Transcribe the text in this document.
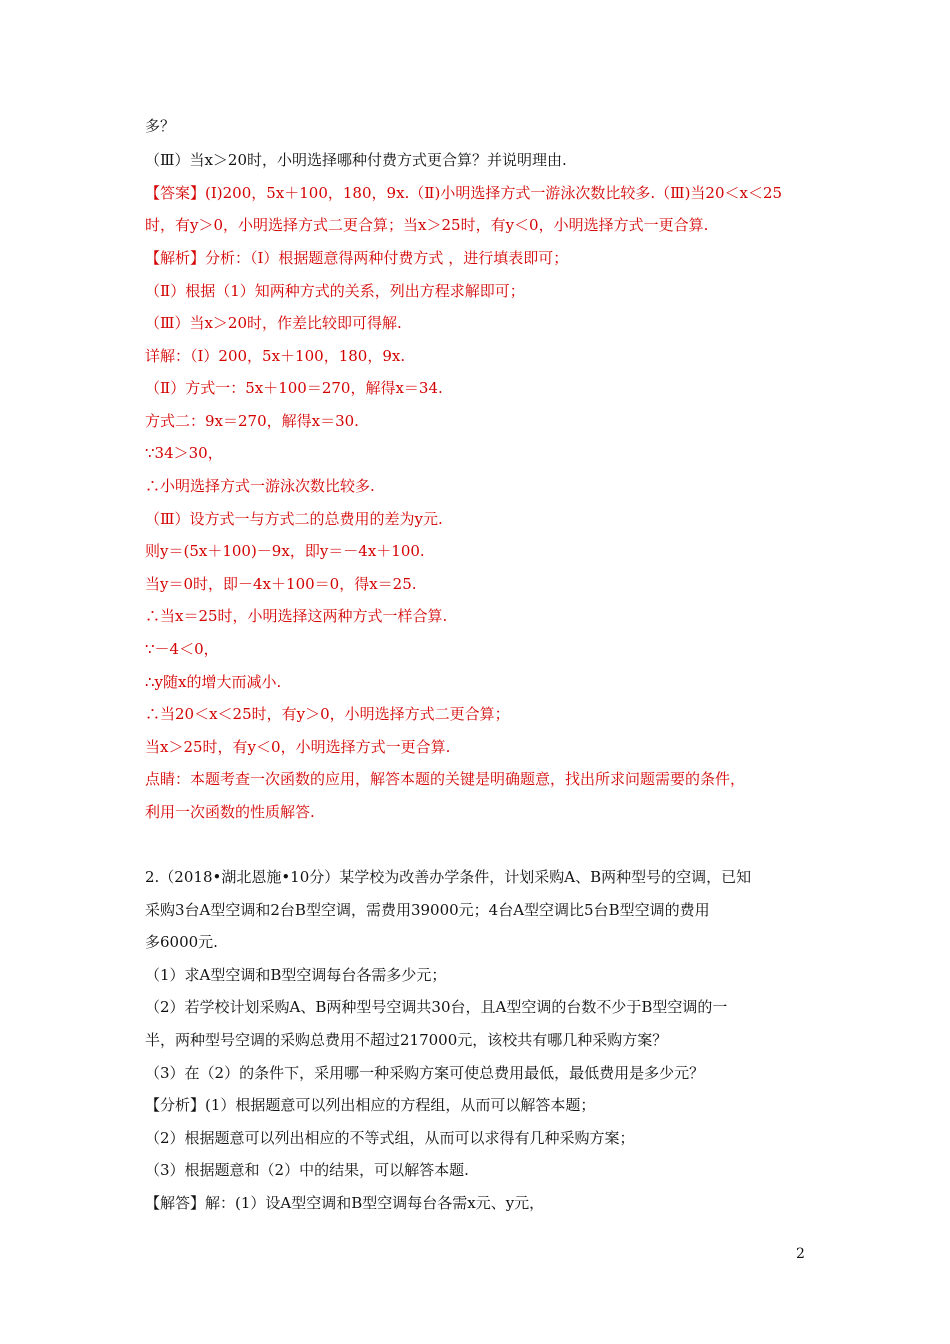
多？
（Ⅲ）当x＞20时，小明选择哪种付费方式更合算？并说明理由.
【答案】(Ⅰ)200，5x＋100，180，9x.（Ⅱ)小明选择方式一游泳次数比较多.（Ⅲ)当20＜x＜25
时，有y＞0，小明选择方式二更合算；当x＞25时，有y＜0，小明选择方式一更合算.
【解析】分析：（Ⅰ）根据题意得两种付费方式 ，进行填表即可；
（Ⅱ）根据（1）知两种方式的关系，列出方程求解即可；
（Ⅲ）当x＞20时，作差比较即可得解.
详解：（Ⅰ）200，5x＋100，180，9x.
（Ⅱ）方式一：5x＋100＝270，解得x＝34.
方式二：9x＝270，解得x＝30.
∵34＞30，
∴小明选择方式一游泳次数比较多.
（Ⅲ）设方式一与方式二的总费用的差为y元.
则y＝(5x＋100)－9x，即y＝－4x＋100.
当y＝0时，即－4x＋100＝0，得x＝25.
∴当x＝25时，小明选择这两种方式一样合算.
∵－4＜0，
∴y随x的增大而减小.
∴当20＜x＜25时，有y＞0，小明选择方式二更合算；
当x＞25时，有y＜0，小明选择方式一更合算.
点睛：本题考查一次函数的应用，解答本题的关键是明确题意，找出所求问题需要的条件，
利用一次函数的性质解答.
2.（2018•湖北恩施•10分）某学校为改善办学条件，计划采购A、B两种型号的空调，已知
采购3台A型空调和2台B型空调，需费用39000元；4台A型空调比5台B型空调的费用
多6000元.
（1）求A型空调和B型空调每台各需多少元；
（2）若学校计划采购A、B两种型号空调共30台，且A型空调的台数不少于B型空调的一
半，两种型号空调的采购总费用不超过217000元，该校共有哪几种采购方案？
（3）在（2）的条件下，采用哪一种采购方案可使总费用最低，最低费用是多少元？
【分析】(1）根据题意可以列出相应的方程组，从而可以解答本题；
（2）根据题意可以列出相应的不等式组，从而可以求得有几种采购方案；
（3）根据题意和（2）中的结果，可以解答本题.
【解答】解：(1）设A型空调和B型空调每台各需x元、y元，
2
